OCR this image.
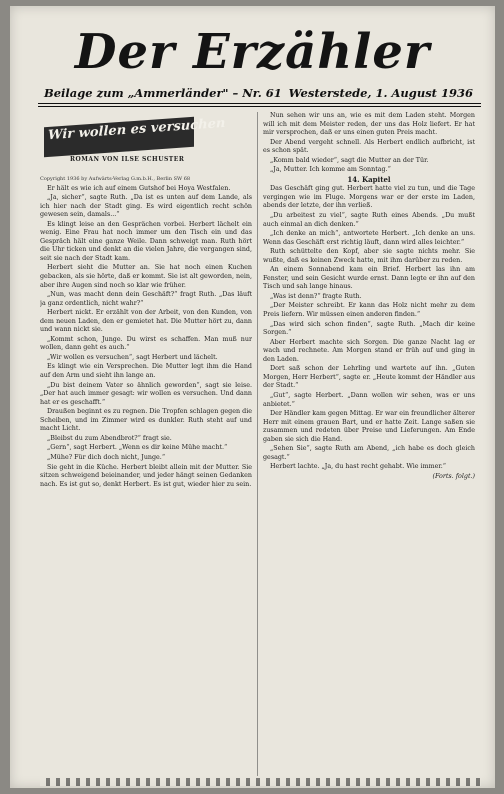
Der Erzähler
Beilage zum „Ammerländer" – Nr. 61 Westerstede, 1. August 1936
Wir wollen es versuchen
ROMAN VON ILSE SCHUSTER

Copyright 1936 by Aufwärts-Verlag G.m.b.H., Berlin SW 68

Er hält es wie ich auf einem Gutshof bei Hoya Westfalen.

„Ja, sicher“, sagte Ruth. „Da ist es unten auf dem Lande, als ich hier nach der Stadt ging. Es wird eigentlich recht schön gewesen sein, damals...“

Es klingt leise an den Gesprächen vorbei. Herbert lächelt ein wenig. Eine Frau hat noch immer um den Tisch ein und das Gespräch hält eine ganze Weile. Dann schweigt man. Ruth hört die Uhr ticken und denkt an die vielen Jahre, die vergangen sind, seit sie nach der Stadt kam.

Herbert sieht die Mutter an. Sie hat noch einen Kuchen gebacken, als sie hörte, daß er kommt. Sie ist alt geworden, nein, aber ihre Augen sind noch so klar wie früher.

„Nun, was macht denn dein Geschäft?“ fragt Ruth. „Das läuft ja ganz ordentlich, nicht wahr?“

Herbert nickt. Er erzählt von der Arbeit, von den Kunden, von dem neuen Laden, den er gemietet hat. Die Mutter hört zu, dann und wann nickt sie.

„Kommt schon, Junge. Du wirst es schaffen. Man muß nur wollen, dann geht es auch.“

„Wir wollen es versuchen“, sagt Herbert und lächelt.

Es klingt wie ein Versprechen. Die Mutter legt ihm die Hand auf den Arm und sieht ihn lange an.

„Du bist deinem Vater so ähnlich geworden“, sagt sie leise. „Der hat auch immer gesagt: wir wollen es versuchen. Und dann hat er es geschafft.“

Draußen beginnt es zu regnen. Die Tropfen schlagen gegen die Scheiben, und im Zimmer wird es dunkler. Ruth steht auf und macht Licht.

„Bleibst du zum Abendbrot?“ fragt sie.

„Gern“, sagt Herbert. „Wenn es dir keine Mühe macht.“

„Mühe? Für dich doch nicht, Junge.“

Sie geht in die Küche. Herbert bleibt allein mit der Mutter. Sie sitzen schweigend beieinander, und jeder hängt seinen Gedanken nach. Es ist gut so, denkt Herbert. Es ist gut, wieder hier zu sein.

Nun sehen wir uns an, wie es mit dem Laden steht. Morgen will ich mit dem Meister reden, der uns das Holz liefert. Er hat mir versprochen, daß er uns einen guten Preis macht.

Der Abend vergeht schnell. Als Herbert endlich aufbricht, ist es schon spät.

„Komm bald wieder“, sagt die Mutter an der Tür.

„Ja, Mutter. Ich komme am Sonntag.“

14. Kapitel

Das Geschäft ging gut. Herbert hatte viel zu tun, und die Tage vergingen wie im Fluge. Morgens war er der erste im Laden, abends der letzte, der ihn verließ.

„Du arbeitest zu viel“, sagte Ruth eines Abends. „Du mußt auch einmal an dich denken.“

„Ich denke an mich“, antwortete Herbert. „Ich denke an uns. Wenn das Geschäft erst richtig läuft, dann wird alles leichter.“

Ruth schüttelte den Kopf, aber sie sagte nichts mehr. Sie wußte, daß es keinen Zweck hatte, mit ihm darüber zu reden.

An einem Sonnabend kam ein Brief. Herbert las ihn am Fenster, und sein Gesicht wurde ernst. Dann legte er ihn auf den Tisch und sah lange hinaus.

„Was ist denn?“ fragte Ruth.

„Der Meister schreibt. Er kann das Holz nicht mehr zu dem Preis liefern. Wir müssen einen anderen finden.“

„Das wird sich schon finden“, sagte Ruth. „Mach dir keine Sorgen.“

Aber Herbert machte sich Sorgen. Die ganze Nacht lag er wach und rechnete. Am Morgen stand er früh auf und ging in den Laden.

Dort saß schon der Lehrling und wartete auf ihn. „Guten Morgen, Herr Herbert“, sagte er. „Heute kommt der Händler aus der Stadt.“

„Gut“, sagte Herbert. „Dann wollen wir sehen, was er uns anbietet.“

Der Händler kam gegen Mittag. Er war ein freundlicher älterer Herr mit einem grauen Bart, und er hatte Zeit. Lange saßen sie zusammen und redeten über Preise und Lieferungen. Am Ende gaben sie sich die Hand.

„Sehen Sie“, sagte Ruth am Abend, „ich habe es doch gleich gesagt.“

Herbert lachte. „Ja, du hast recht gehabt. Wie immer.“

(Forts. folgt.)
